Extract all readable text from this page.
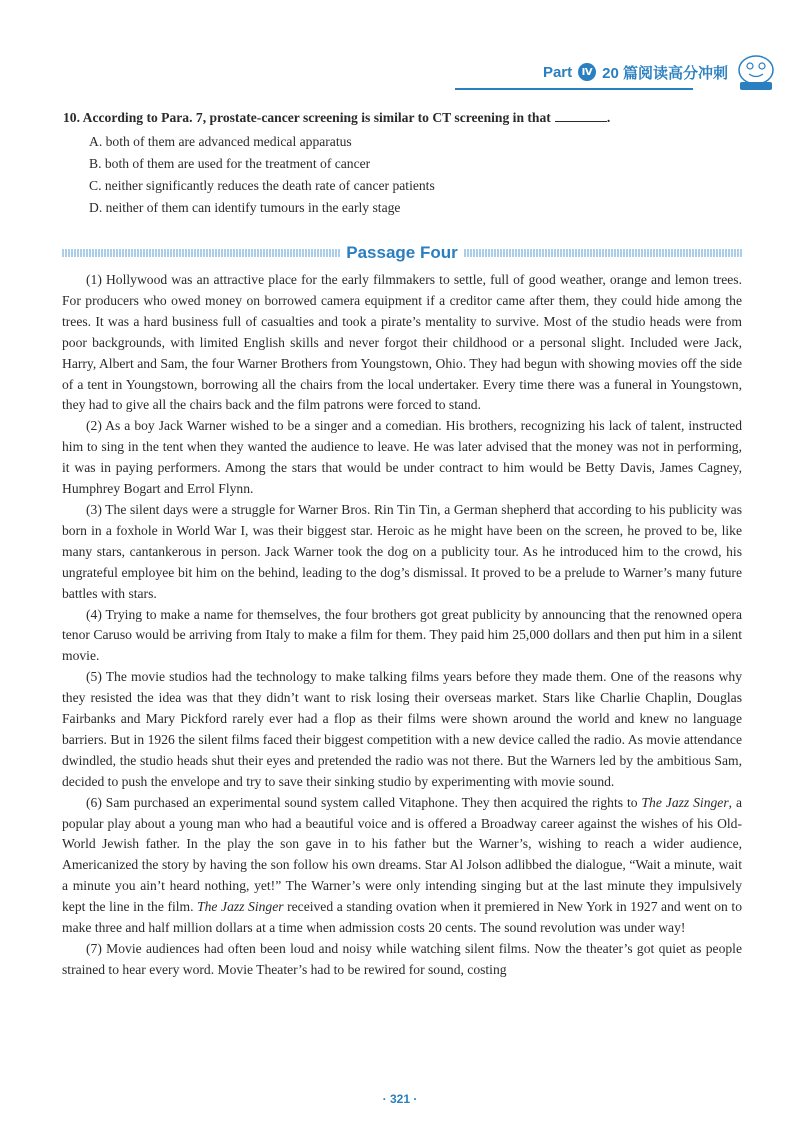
Part Ⅳ 20 篇阅读高分冲刺

10. According to Para. 7, prostate-cancer screening is similar to CT screening in that	.

A. both of them are advanced medical apparatus

B. both of them are used for the treatment of cancer

C. neither significantly reduces the death rate of cancer patients

D. neither of them can identify tumours in the early stage

Passage Four

(1) Hollywood was an attractive place for the early filmmakers to settle, full of good weather, orange and lemon trees. For producers who owed money on borrowed camera equipment if a creditor came after them, they could hide among the trees. It was a hard business full of casualties and took a pirate’s mentality to survive. Most of the studio heads were from poor backgrounds, with limited English skills and never forgot their childhood or a personal slight. Included were Jack, Harry, Albert and Sam, the four Warner Brothers from Youngstown, Ohio. They had begun with showing movies off the side of a tent in Youngstown, borrowing all the chairs from the local undertaker. Every time there was a funeral in Youngstown, they had to give all the chairs back and the film patrons were forced to stand.

(2) As a boy Jack Warner wished to be a singer and a comedian. His brothers, recognizing his lack of talent, instructed him to sing in the tent when they wanted the audience to leave. He was later advised that the money was not in performing, it was in paying performers. Among the stars that would be under contract to him would be Betty Davis, James Cagney, Humphrey Bogart and Errol Flynn.

(3) The silent days were a struggle for Warner Bros. Rin Tin Tin, a German shepherd that according to his publicity was born in a foxhole in World War I, was their biggest star. Heroic as he might have been on the screen, he proved to be, like many stars, cantankerous in person. Jack Warner took the dog on a publicity tour. As he introduced him to the crowd, his ungrateful employee bit him on the behind, leading to the dog’s dismissal. It proved to be a prelude to Warner’s many future battles with stars.

(4) Trying to make a name for themselves, the four brothers got great publicity by announcing that the renowned opera tenor Caruso would be arriving from Italy to make a film for them. They paid him 25,000 dollars and then put him in a silent movie.

(5) The movie studios had the technology to make talking films years before they made them. One of the reasons why they resisted the idea was that they didn’t want to risk losing their overseas market. Stars like Charlie Chaplin, Douglas Fairbanks and Mary Pickford rarely ever had a flop as their films were shown around the world and knew no language barriers. But in 1926 the silent films faced their biggest competition with a new device called the radio. As movie attendance dwindled, the studio heads shut their eyes and pretended the radio was not there. But the Warners led by the ambitious Sam, decided to push the envelope and try to save their sinking studio by experimenting with movie sound.

(6) Sam purchased an experimental sound system called Vitaphone. They then acquired the rights to The Jazz Singer, a popular play about a young man who had a beautiful voice and is offered a Broadway career against the wishes of his Old-World Jewish father. In the play the son gave in to his father but the Warner’s, wishing to reach a wider audience, Americanized the story by having the son follow his own dreams. Star Al Jolson adlibbed the dialogue, “Wait a minute, wait a minute you ain’t heard nothing, yet!” The Warner’s were only intending singing but at the last minute they impulsively kept the line in the film. The Jazz Singer received a standing ovation when it premiered in New York in 1927 and went on to make three and half million dollars at a time when admission costs 20 cents. The sound revolution was under way!

(7) Movie audiences had often been loud and noisy while watching silent films. Now the theater’s got quiet as people strained to hear every word. Movie Theater’s had to be rewired for sound, costing

· 321 ·
